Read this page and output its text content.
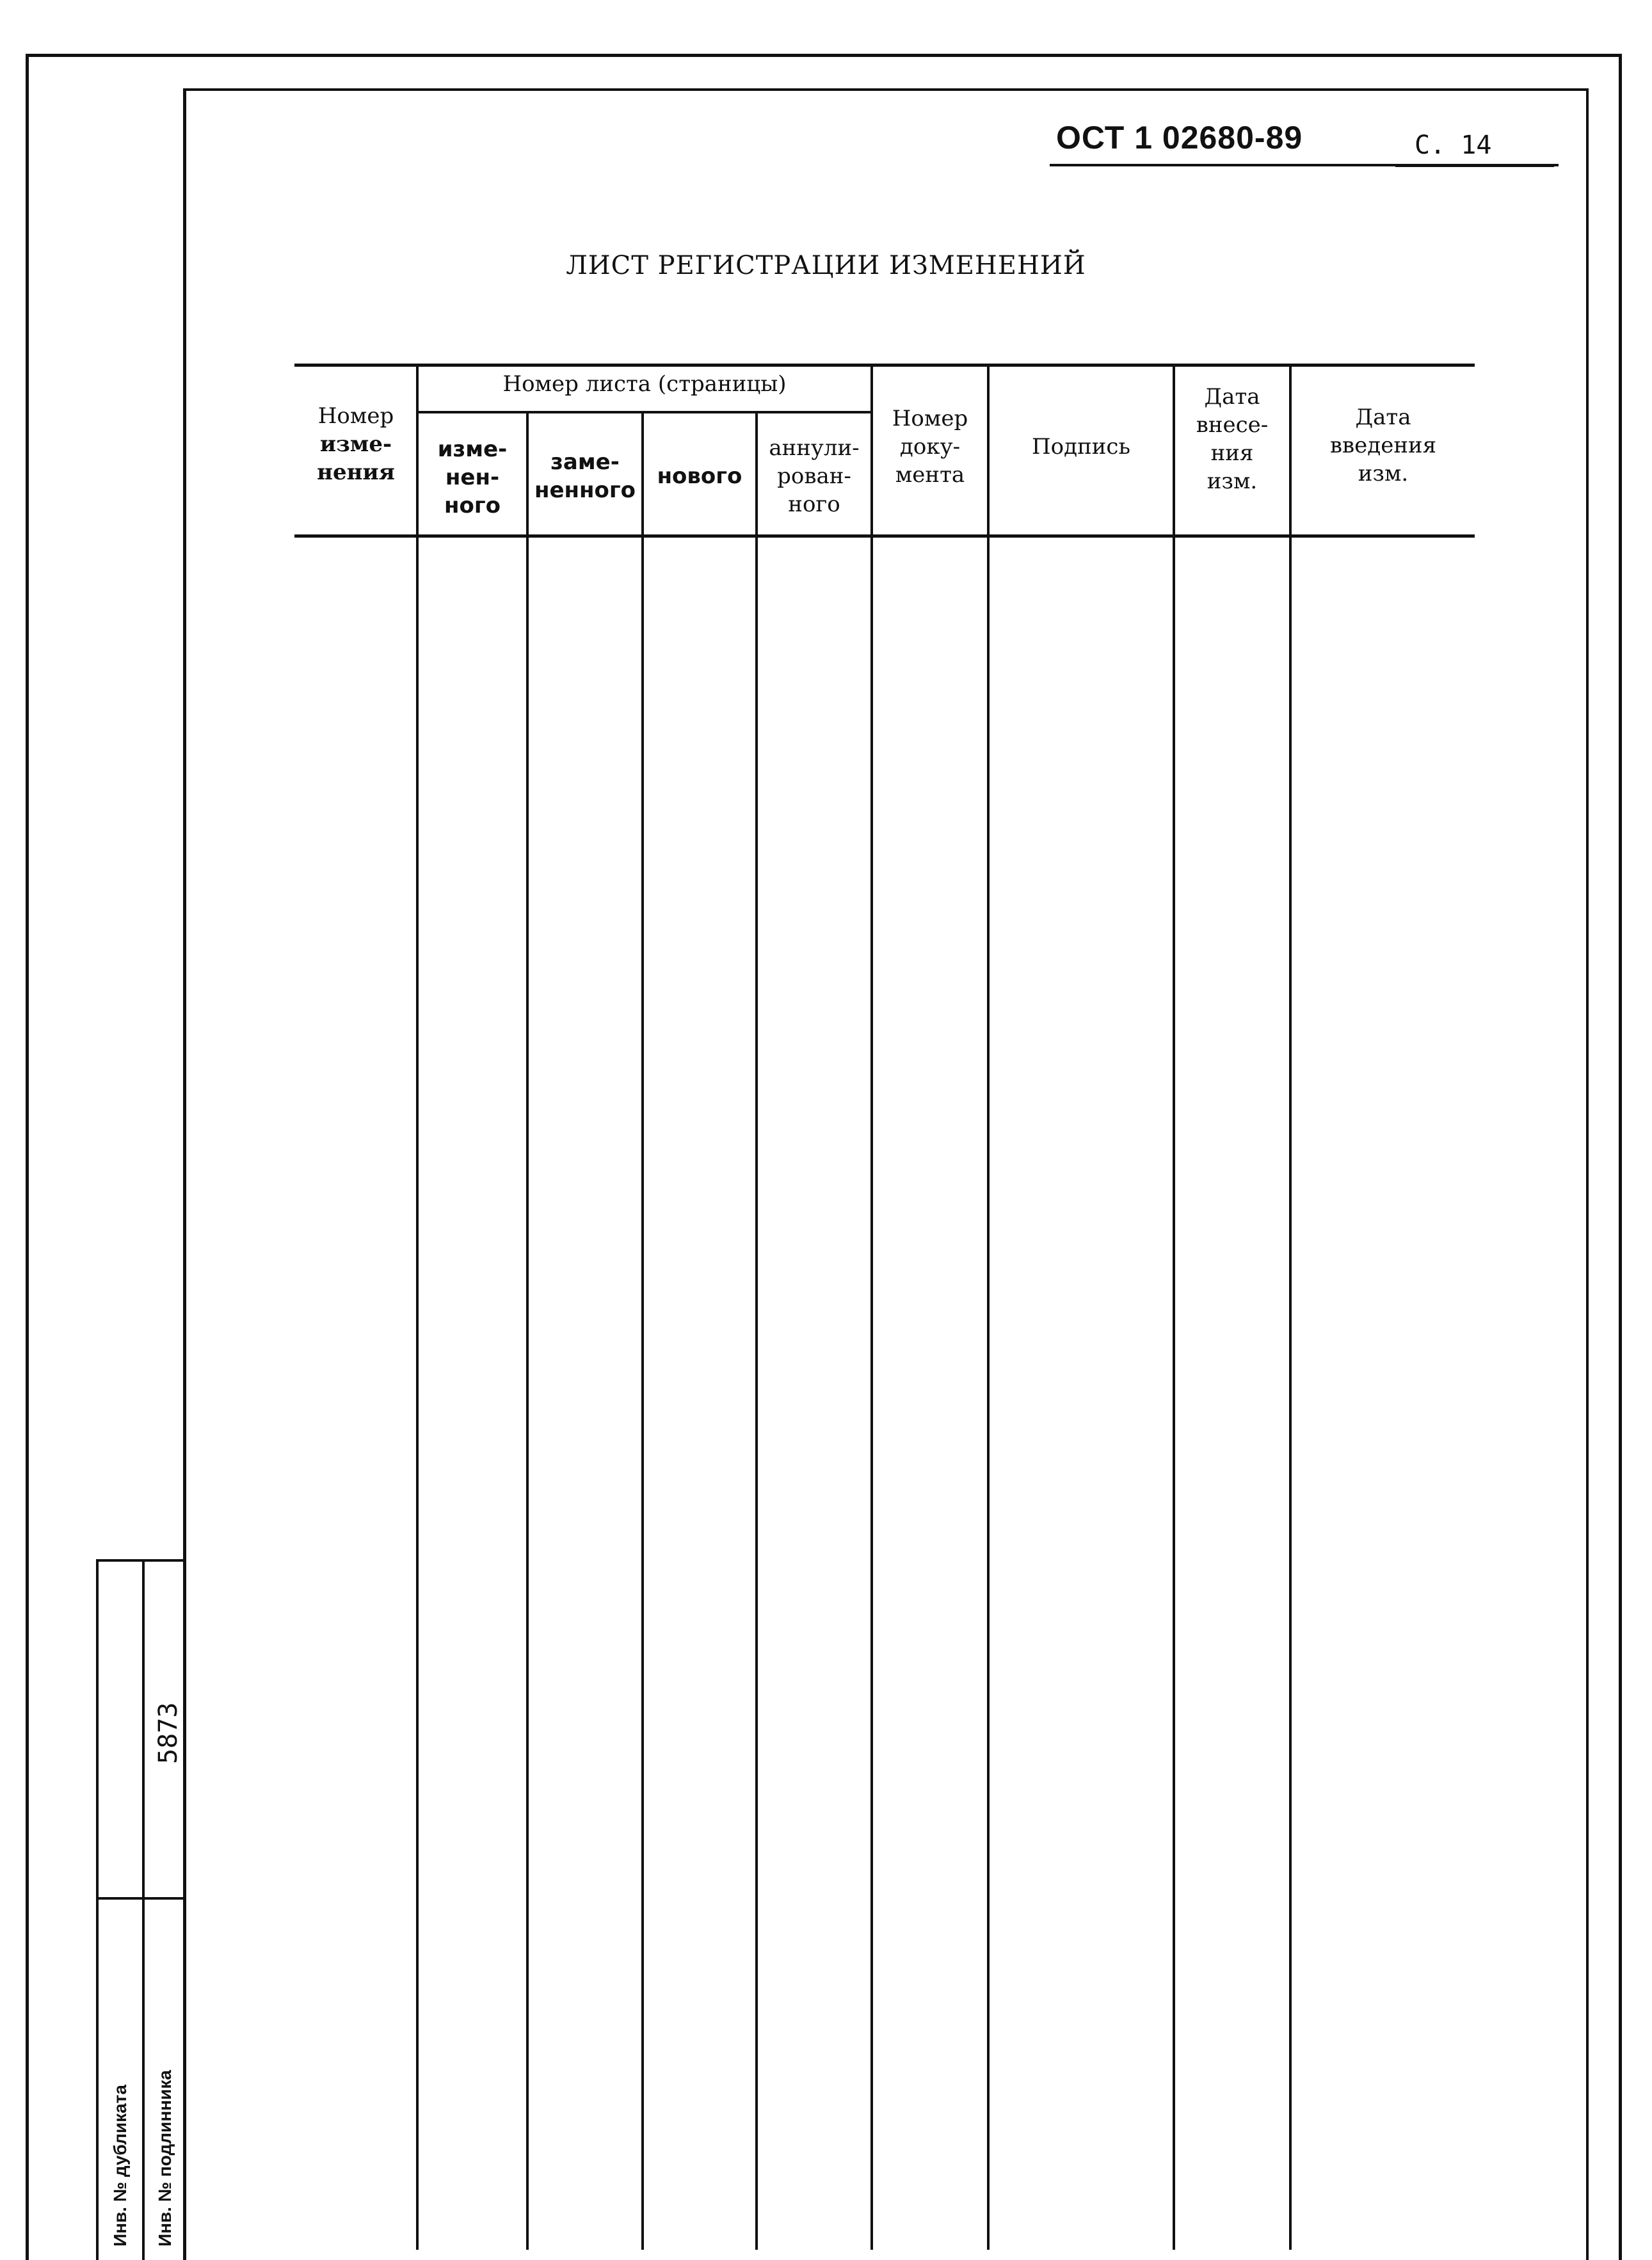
ОСТ 1 02680-89	С. 14
ЛИСТ РЕГИСТРАЦИИ ИЗМЕНЕНИЙ
Номер листа (страницы)
Номер
изме-
нения
изме-
нен-
ного
заме-
ненного
нового
аннули-
рован-
ного
Номер
доку-
мента
Подпись
Дата
внесе-
ния
изм.
Дата
введения
изм.
Инв. № дубликата Инв. № подлинника
5873
